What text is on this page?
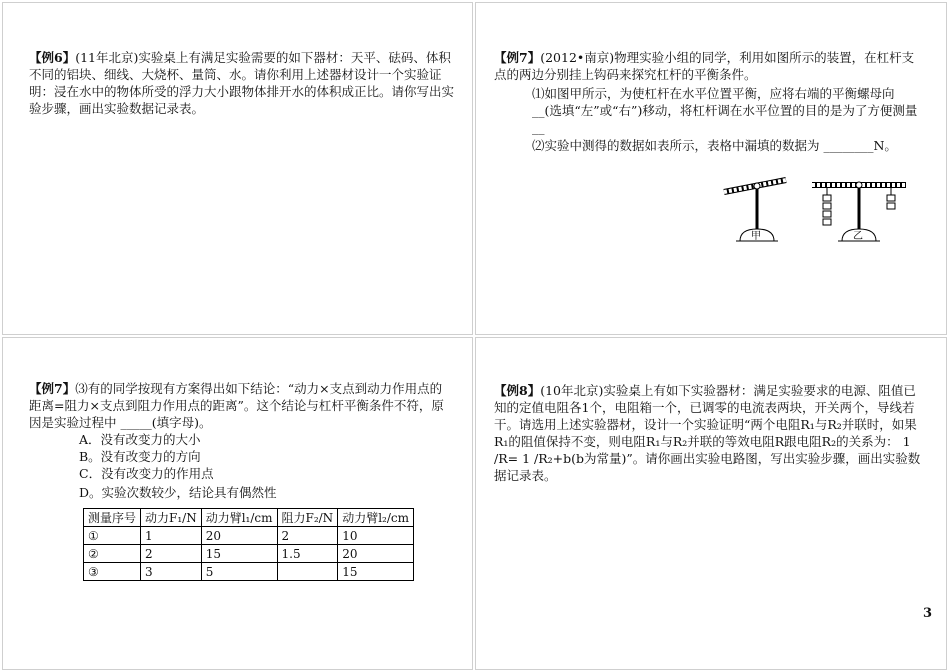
【例6】(11年北京)实验桌上有满足实验需要的如下器材：天平、砝码、体积不同的铝块、细线、大烧杯、量筒、水。请你利用上述器材设计一个实验证明：浸在水中的物体所受的浮力大小跟物体排开水的体积成正比。请你写出实验步骤，画出实验数据记录表。
【例7】(2012•南京)物理实验小组的同学，利用如图所示的装置，在杠杆支点的两边分别挂上钩码来探究杠杆的平衡条件。
⑴如图甲所示，为使杠杆在水平位置平衡，应将右端的平衡螺母向__(选填“左”或“右”)移动，将杠杆调在水平位置的目的是为了方便测量__
⑵实验中测得的数据如表所示，表格中漏填的数据为 ________N。
甲	乙
【例7】⑶有的同学按现有方案得出如下结论：“动力×支点到动力作用点的距离=阻力×支点到阻力作用点的距离”。这个结论与杠杆平衡条件不符，原因是实验过程中 _____(填字母)。
A．没有改变力的大小
B。没有改变力的方向
C．没有改变力的作用点
D。实验次数较少，结论具有偶然性
测量序号	动力F₁/N	动力臂l₁/cm	阻力F₂/N	动力臂l₂/cm
①	1	20	2	10
②	2	15	1.5	20
③	3	5		15
【例8】(10年北京)实验桌上有如下实验器材：满足实验要求的电源、阻值已知的定值电阻各1个，电阻箱一个，已调零的电流表两块，开关两个，导线若干。请选用上述实验器材，设计一个实验证明“两个电阻R₁与R₂并联时，如果R₁的阻值保持不变，则电阻R₁与R₂并联的等效电阻R跟电阻R₂的关系为： 1 /R= 1 /R₂+b(b为常量)”。请你画出实验电路图，写出实验步骤，画出实验数据记录表。
3
